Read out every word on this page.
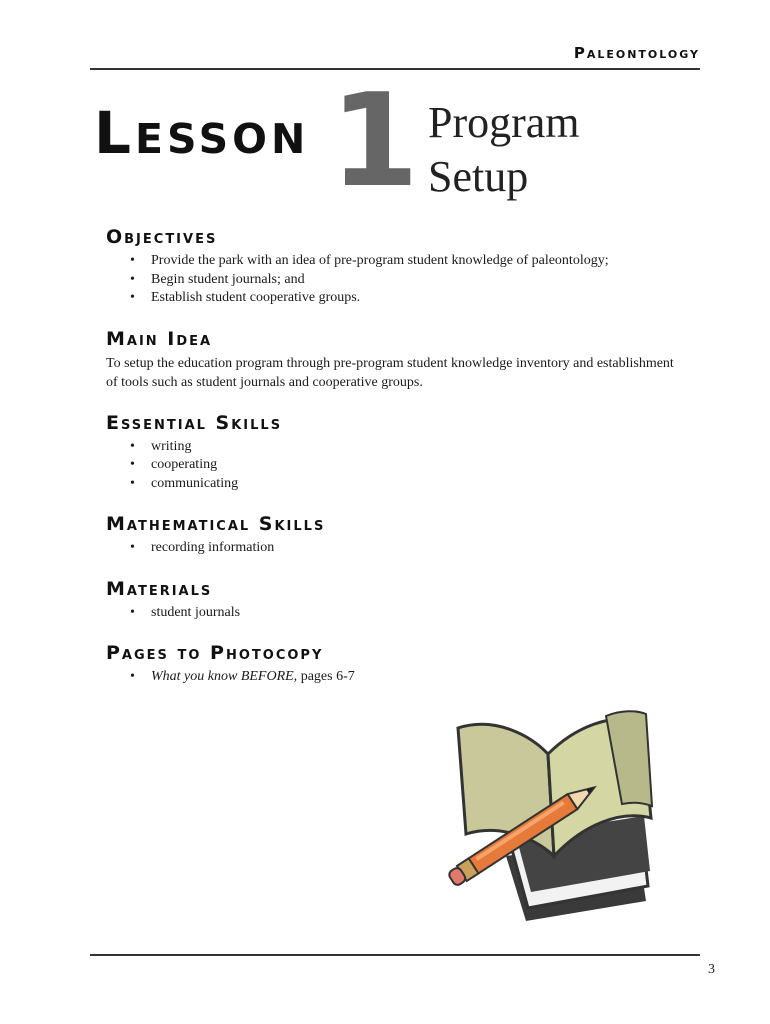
Paleontology
Lesson 1 Program
Setup
Objectives
• Provide the park with an idea of pre-program student knowledge of paleontology;
• Begin student journals; and
• Establish student cooperative groups.
Main Idea

To setup the education program through pre-program student knowledge inventory and establishment of tools such as student journals and cooperative groups.

Essential Skills
• writing
• cooperating
• communicating
Mathematical Skills
• recording information
Materials
• student journals
Pages to Photocopy
• What you know BEFORE, pages 6-7
3
